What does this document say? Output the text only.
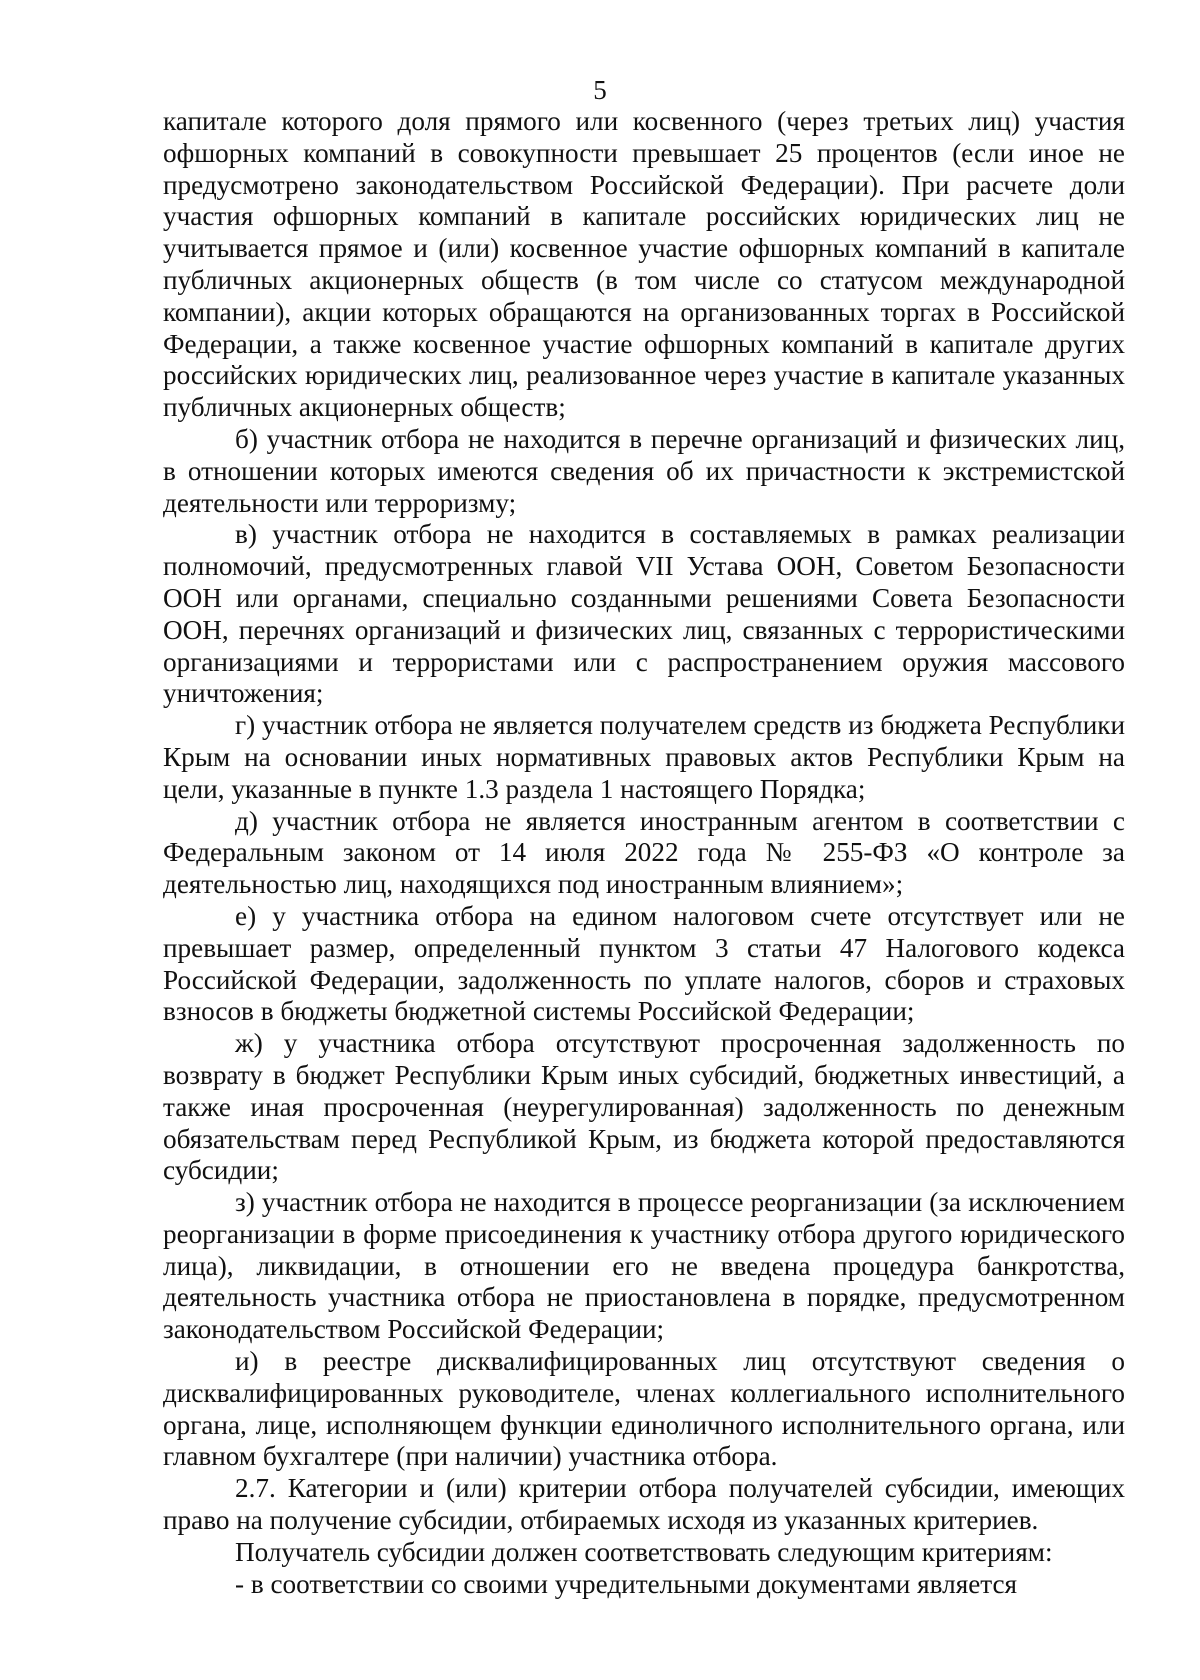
5

капитале которого доля прямого или косвенного (через третьих лиц) участия офшорных компаний в совокупности превышает 25 процентов (если иное не предусмотрено законодательством Российской Федерации). При расчете доли участия офшорных компаний в капитале российских юридических лиц не учитывается прямое и (или) косвенное участие офшорных компаний в капитале публичных акционерных обществ (в том числе со статусом международной компании), акции которых обращаются на организованных торгах в Российской Федерации, а также косвенное участие офшорных компаний в капитале других российских юридических лиц, реализованное через участие в капитале указанных публичных акционерных обществ;

б) участник отбора не находится в перечне организаций и физических лиц, в отношении которых имеются сведения об их причастности к экстремистской деятельности или терроризму;

в) участник отбора не находится в составляемых в рамках реализации полномочий, предусмотренных главой VII Устава ООН, Советом Безопасности ООН или органами, специально созданными решениями Совета Безопасности ООН, перечнях организаций и физических лиц, связанных с террористическими организациями и террористами или с распространением оружия массового уничтожения;

г) участник отбора не является получателем средств из бюджета Республики Крым на основании иных нормативных правовых актов Республики Крым на цели, указанные в пункте 1.3 раздела 1 настоящего Порядка;

д) участник отбора не является иностранным агентом в соответствии с Федеральным законом от 14 июля 2022 года № 255-ФЗ «О контроле за деятельностью лиц, находящихся под иностранным влиянием»;

е) у участника отбора на едином налоговом счете отсутствует или не превышает размер, определенный пунктом 3 статьи 47 Налогового кодекса Российской Федерации, задолженность по уплате налогов, сборов и страховых взносов в бюджеты бюджетной системы Российской Федерации;

ж) у участника отбора отсутствуют просроченная задолженность по возврату в бюджет Республики Крым иных субсидий, бюджетных инвестиций, а также иная просроченная (неурегулированная) задолженность по денежным обязательствам перед Республикой Крым, из бюджета которой предоставляются субсидии;

з) участник отбора не находится в процессе реорганизации (за исключением реорганизации в форме присоединения к участнику отбора другого юридического лица), ликвидации, в отношении его не введена процедура банкротства, деятельность участника отбора не приостановлена в порядке, предусмотренном законодательством Российской Федерации;

и) в реестре дисквалифицированных лиц отсутствуют сведения о дисквалифицированных руководителе, членах коллегиального исполнительного органа, лице, исполняющем функции единоличного исполнительного органа, или главном бухгалтере (при наличии) участника отбора.

2.7. Категории и (или) критерии отбора получателей субсидии, имеющих право на получение субсидии, отбираемых исходя из указанных критериев.

Получатель субсидии должен соответствовать следующим критериям:

- в соответствии со своими учредительными документами является
